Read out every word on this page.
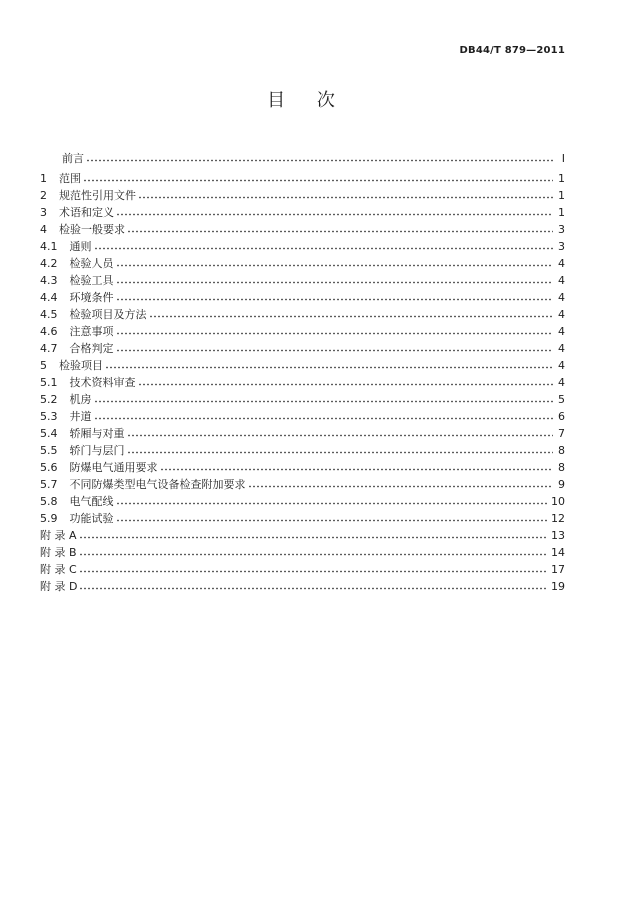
DB44/T 879—2011
目 次
前言	I
1 范围	1
2 规范性引用文件	1
3 术语和定义	1
4 检验一般要求	3
4.1 通则	3
4.2 检验人员	4
4.3 检验工具	4
4.4 环境条件	4
4.5 检验项目及方法	4
4.6 注意事项	4
4.7 合格判定	4
5 检验项目	4
5.1 技术资料审查	4
5.2 机房	5
5.3 井道	6
5.4 轿厢与对重	7
5.5 轿门与层门	8
5.6 防爆电气通用要求	8
5.7 不同防爆类型电气设备检查附加要求	9
5.8 电气配线	10
5.9 功能试验	12
附 录 A	13
附 录 B	14
附 录 C	17
附 录 D	19
